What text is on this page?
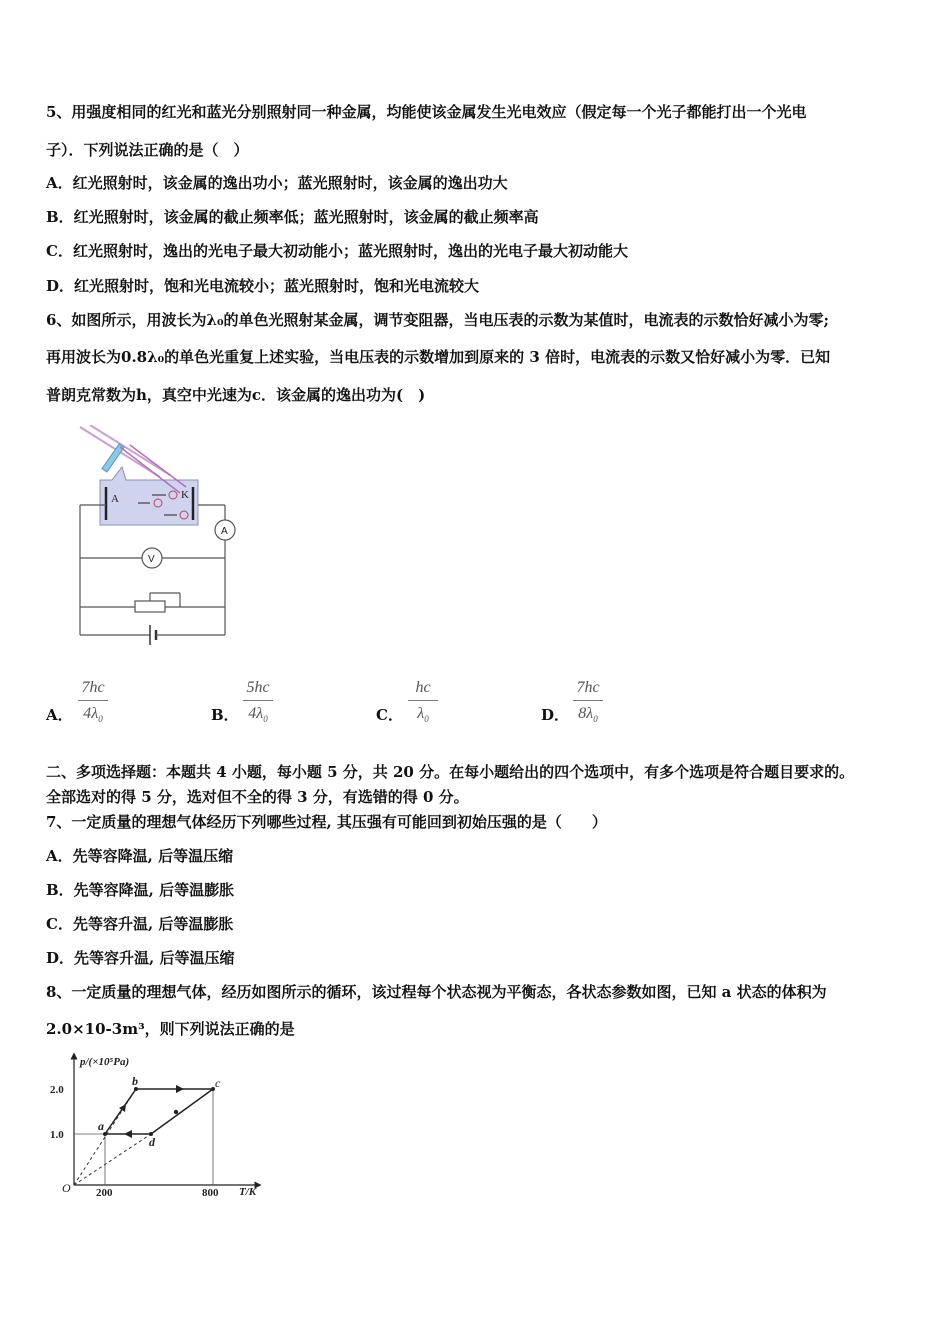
5、用强度相同的红光和蓝光分别照射同一种金属，均能使该金属发生光电效应（假定每一个光子都能打出一个光电
子）．下列说法正确的是（　）
A．红光照射时，该金属的逸出功小；蓝光照射时，该金属的逸出功大
B．红光照射时，该金属的截止频率低；蓝光照射时，该金属的截止频率高
C．红光照射时，逸出的光电子最大初动能小；蓝光照射时，逸出的光电子最大初动能大
D．红光照射时，饱和光电流较小；蓝光照射时，饱和光电流较大
6、如图所示，用波长为λ₀的单色光照射某金属，调节变阻器，当电压表的示数为某值时，电流表的示数恰好减小为零;
再用波长为0.8λ₀的单色光重复上述实验，当电压表的示数增加到原来的 3 倍时，电流表的示数又恰好减小为零．已知
普朗克常数为h，真空中光速为c．该金属的逸出功为(　)
A	K
A
V
A．
7hc
$4\lambda_0$	B．
5hc
$4\lambda_0$	C．
hc
$\lambda_0$	D．
7hc
$8\lambda_0$
二、多项选择题：本题共 4 小题，每小题 5 分，共 20 分。在每小题给出的四个选项中，有多个选项是符合题目要求的。
全部选对的得 5 分，选对但不全的得 3 分，有选错的得 0 分。
7、一定质量的理想气体经历下列哪些过程, 其压强有可能回到初始压强的是（　　）
A．先等容降温, 后等温压缩
B．先等容降温, 后等温膨胀
C．先等容升温, 后等温膨胀
D．先等容升温, 后等温压缩
8、一定质量的理想气体，经历如图所示的循环，该过程每个状态视为平衡态，各状态参数如图，已知 a 状态的体积为
2.0×10-3m³，则下列说法正确的是
p/(×10⁵Pa)
T/K
O
2.0
1.0
200	800
a
b	c
d
